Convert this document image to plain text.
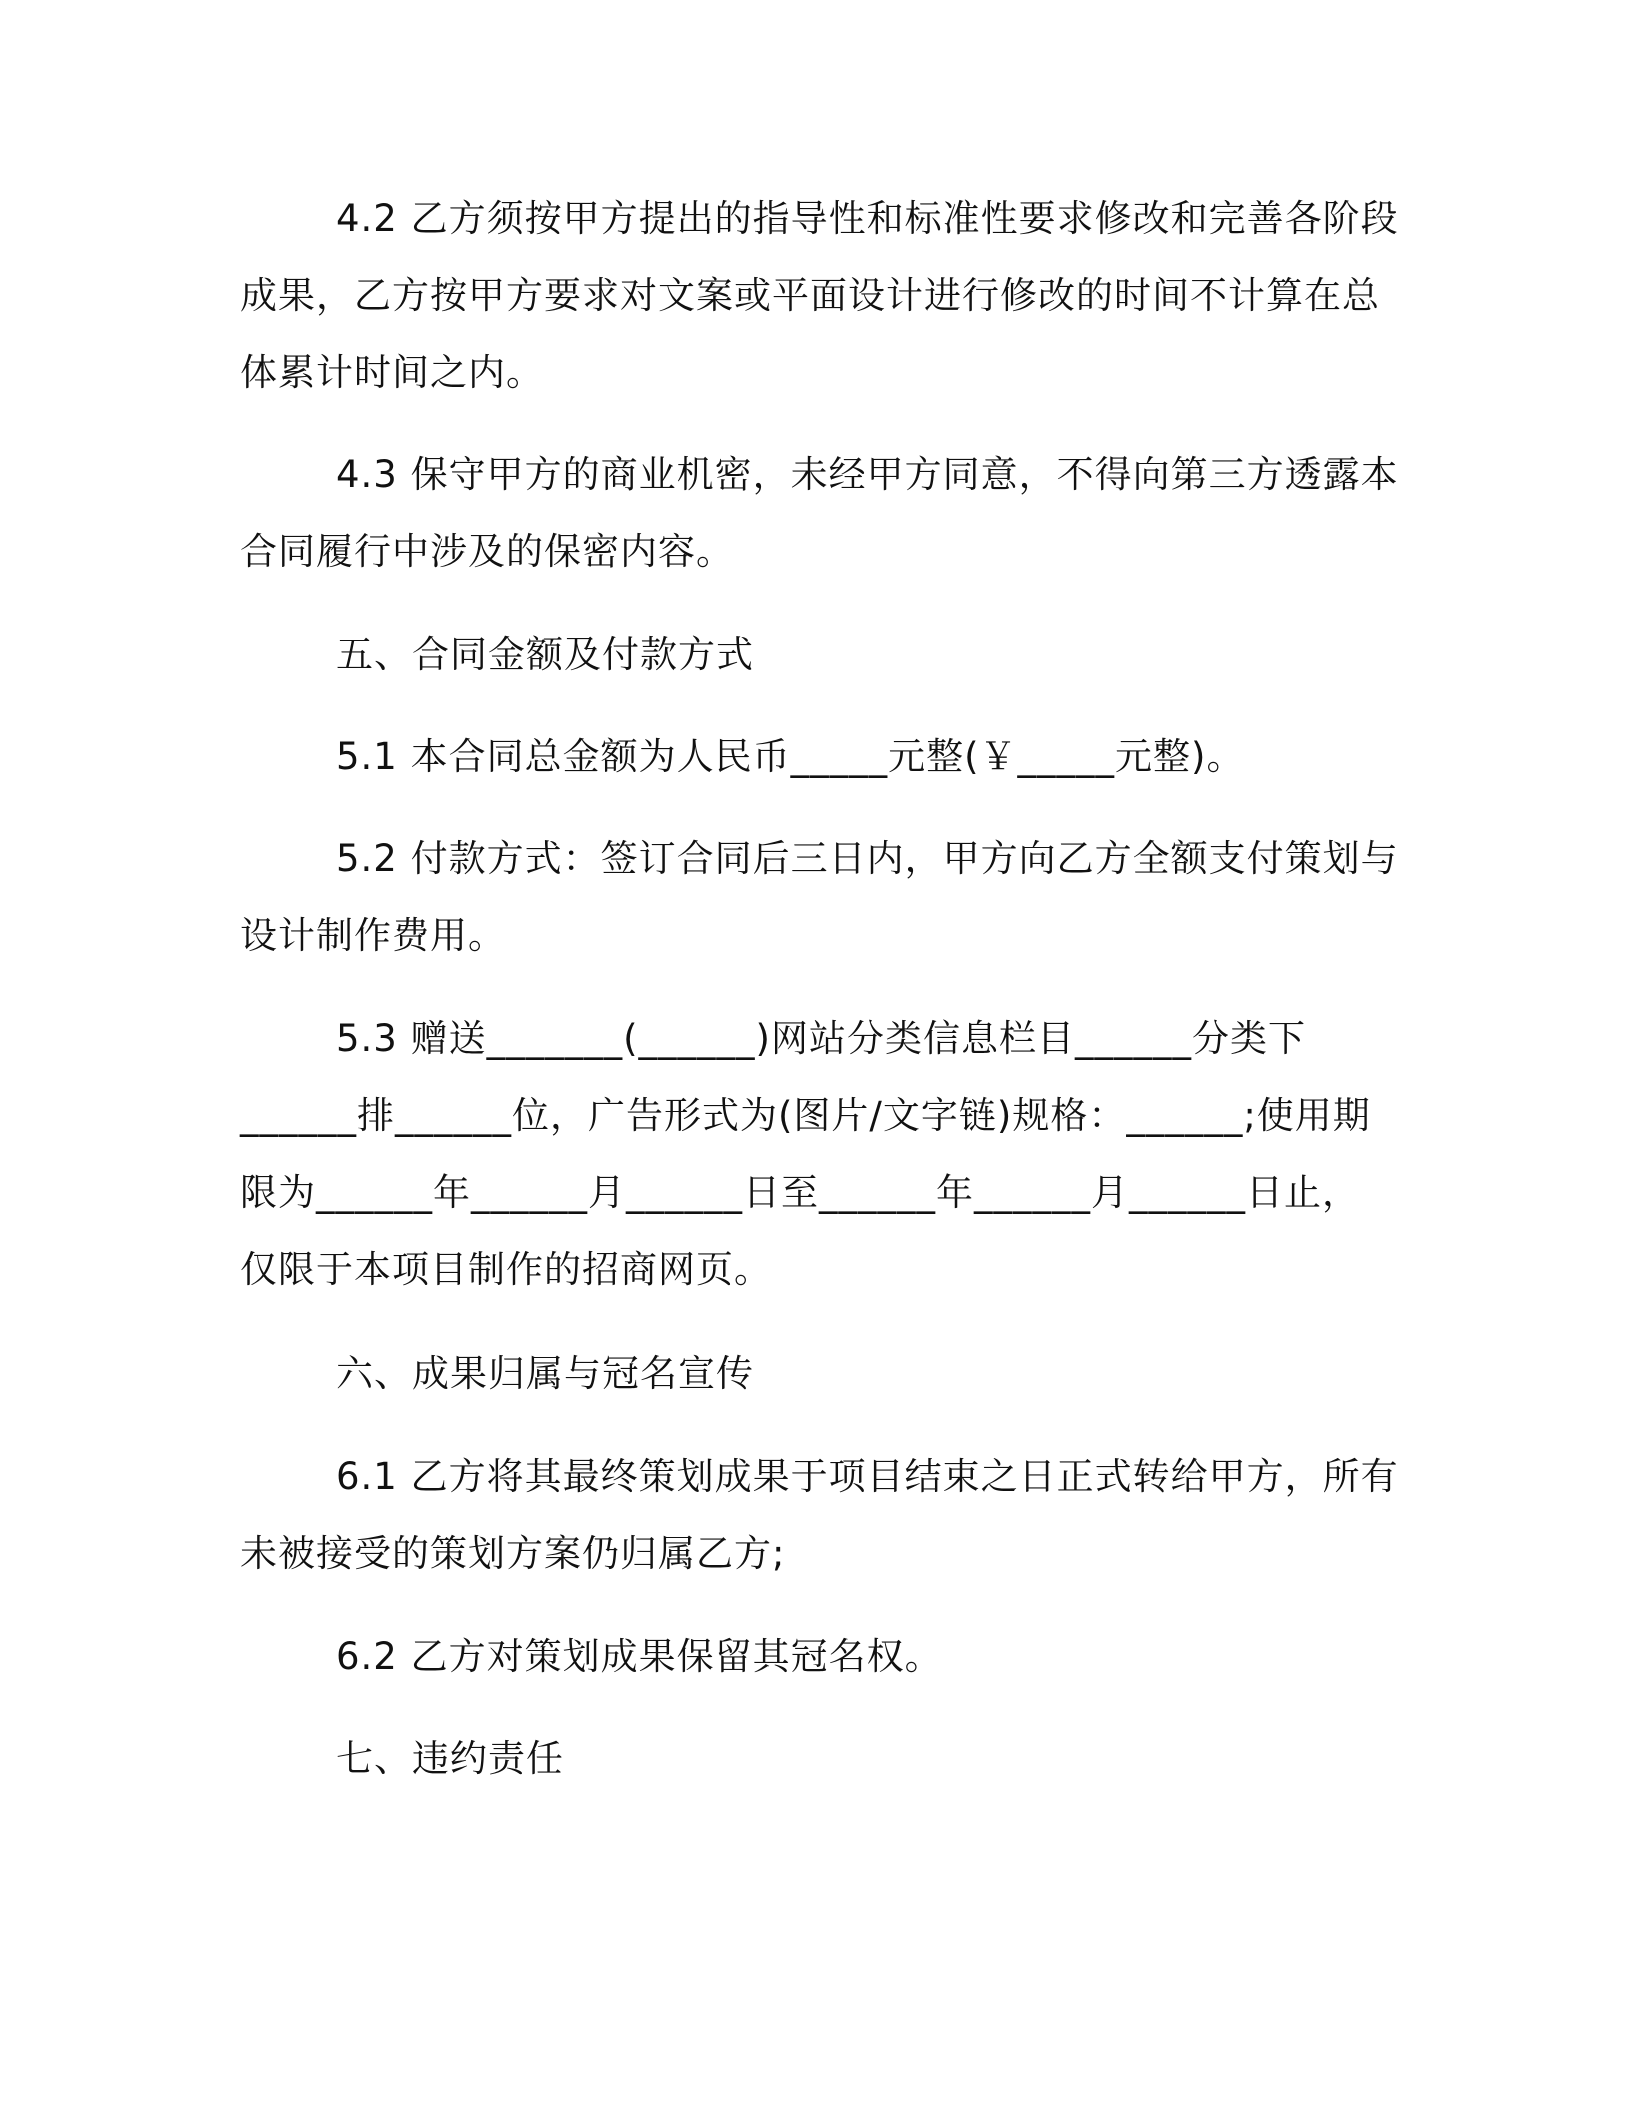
4.2 乙方须按甲方提出的指导性和标准性要求修改和完善各阶段
成果，乙方按甲方要求对文案或平面设计进行修改的时间不计算在总
体累计时间之内。
4.3 保守甲方的商业机密，未经甲方同意，不得向第三方透露本
合同履行中涉及的保密内容。
五、合同金额及付款方式
5.1 本合同总金额为人民币_____元整(￥_____元整)。
5.2 付款方式：签订合同后三日内，甲方向乙方全额支付策划与
设计制作费用。
5.3 赠送_______(______)网站分类信息栏目______分类下
______排______位，广告形式为(图片/文字链)规格：______;使用期
限为______年______月______日至______年______月______日止，
仅限于本项目制作的招商网页。
六、成果归属与冠名宣传
6.1 乙方将其最终策划成果于项目结束之日正式转给甲方，所有
未被接受的策划方案仍归属乙方;
6.2 乙方对策划成果保留其冠名权。
七、违约责任
